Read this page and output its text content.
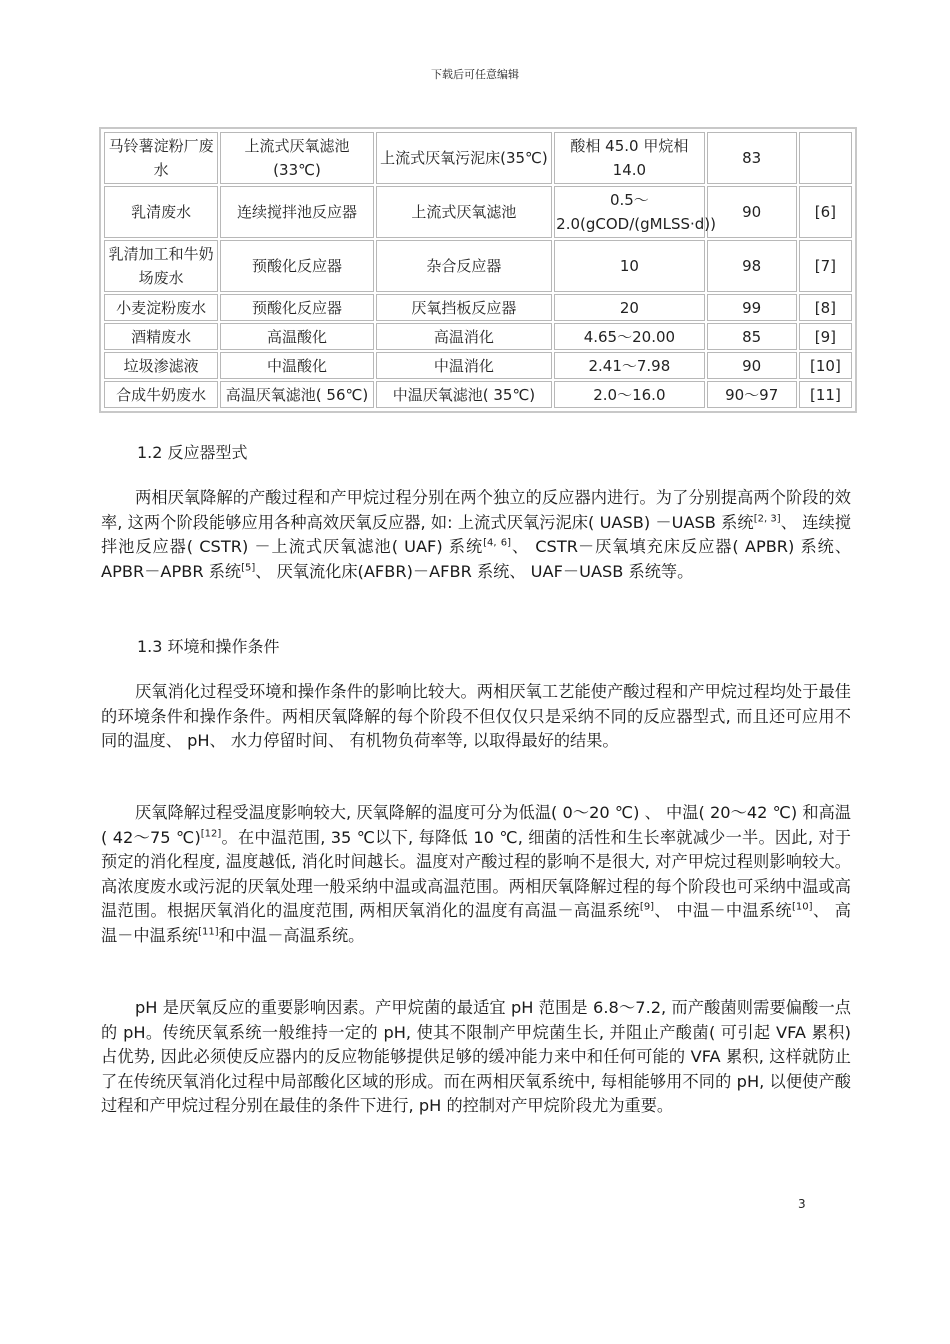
下载后可任意编辑
马铃薯淀粉厂废水	上流式厌氧滤池(33℃)	上流式厌氧污泥床(35℃)	酸相 45.0 甲烷相 14.0	83	
乳清废水	连续搅拌池反应器	上流式厌氧滤池	0.5～2.0(gCOD/(gMLSS·d))	90	[6]
乳清加工和牛奶场废水	预酸化反应器	杂合反应器	10	98	[7]
小麦淀粉废水	预酸化反应器	厌氧挡板反应器	20	99	[8]
酒精废水	高温酸化	高温消化	4.65～20.00	85	[9]
垃圾渗滤液	中温酸化	中温消化	2.41～7.98	90	[10]
合成牛奶废水	高温厌氧滤池( 56℃)	中温厌氧滤池( 35℃)	2.0～16.0	90～97	[11]
1.2 反应器型式
两相厌氧降解的产酸过程和产甲烷过程分别在两个独立的反应器内进行。为了分别提高两个阶段的效率, 这两个阶段能够应用各种高效厌氧反应器, 如: 上流式厌氧污泥床( UASB) －UASB 系统[2, 3]、 连续搅拌池反应器( CSTR) －上流式厌氧滤池( UAF) 系统[4, 6]、 CSTR－厌氧填充床反应器( APBR) 系统、 APBR－APBR 系统[5]、 厌氧流化床(AFBR)－AFBR 系统、 UAF－UASB 系统等。
1.3 环境和操作条件
厌氧消化过程受环境和操作条件的影响比较大。两相厌氧工艺能使产酸过程和产甲烷过程均处于最佳的环境条件和操作条件。两相厌氧降解的每个阶段不但仅仅只是采纳不同的反应器型式, 而且还可应用不同的温度、 pH、 水力停留时间、 有机物负荷率等, 以取得最好的结果。
厌氧降解过程受温度影响较大, 厌氧降解的温度可分为低温( 0～20 ℃) 、 中温( 20～42 ℃) 和高温( 42～75 ℃)[12]。在中温范围, 35 ℃以下, 每降低 10 ℃, 细菌的活性和生长率就减少一半。因此, 对于预定的消化程度, 温度越低, 消化时间越长。温度对产酸过程的影响不是很大, 对产甲烷过程则影响较大。高浓度废水或污泥的厌氧处理一般采纳中温或高温范围。两相厌氧降解过程的每个阶段也可采纳中温或高温范围。根据厌氧消化的温度范围, 两相厌氧消化的温度有高温－高温系统[9]、 中温－中温系统[10]、 高温－中温系统[11]和中温－高温系统。
pH 是厌氧反应的重要影响因素。产甲烷菌的最适宜 pH 范围是 6.8～7.2, 而产酸菌则需要偏酸一点的 pH。传统厌氧系统一般维持一定的 pH, 使其不限制产甲烷菌生长, 并阻止产酸菌( 可引起 VFA 累积) 占优势, 因此必须使反应器内的反应物能够提供足够的缓冲能力来中和任何可能的 VFA 累积, 这样就防止了在传统厌氧消化过程中局部酸化区域的形成。而在两相厌氧系统中, 每相能够用不同的 pH, 以便使产酸过程和产甲烷过程分别在最佳的条件下进行, pH 的控制对产甲烷阶段尤为重要。
3
